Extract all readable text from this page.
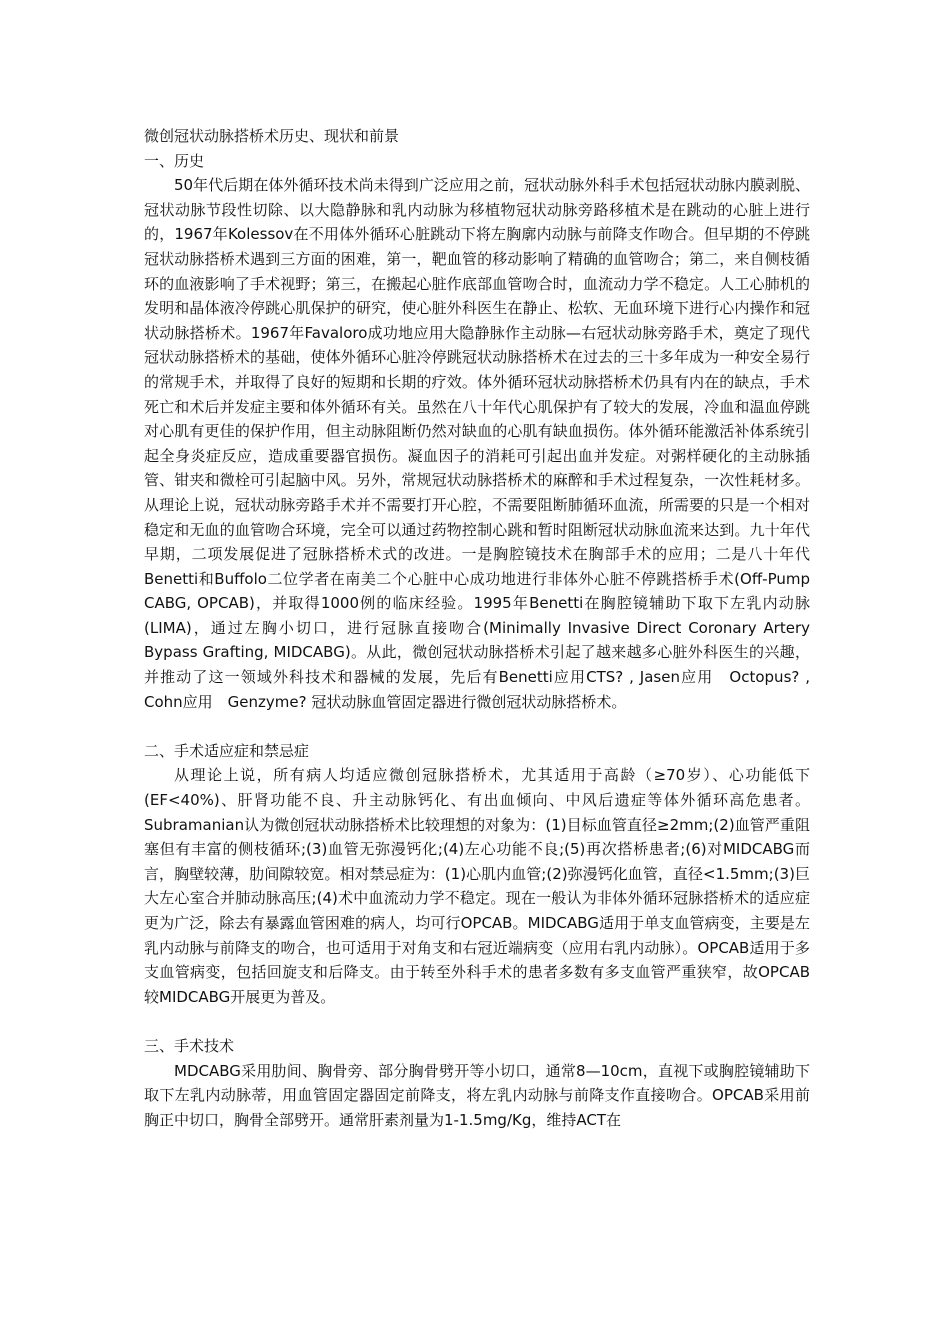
微创冠状动脉搭桥术历史、现状和前景

一、历史

50年代后期在体外循环技术尚未得到广泛应用之前，冠状动脉外科手术包括冠状动脉内膜剥脱、冠状动脉节段性切除、以大隐静脉和乳内动脉为移植物冠状动脉旁路移植术是在跳动的心脏上进行的，1967年Kolessov在不用体外循环心脏跳动下将左胸廓内动脉与前降支作吻合。但早期的不停跳冠状动脉搭桥术遇到三方面的困难，第一，靶血管的移动影响了精确的血管吻合；第二，来自侧枝循环的血液影响了手术视野；第三，在搬起心脏作底部血管吻合时，血流动力学不稳定。人工心肺机的发明和晶体液冷停跳心肌保护的研究，使心脏外科医生在静止、松软、无血环境下进行心内操作和冠状动脉搭桥术。1967年Favaloro成功地应用大隐静脉作主动脉—右冠状动脉旁路手术，奠定了现代冠状动脉搭桥术的基础，使体外循环心脏冷停跳冠状动脉搭桥术在过去的三十多年成为一种安全易行的常规手术，并取得了良好的短期和长期的疗效。体外循环冠状动脉搭桥术仍具有内在的缺点，手术死亡和术后并发症主要和体外循环有关。虽然在八十年代心肌保护有了较大的发展，冷血和温血停跳对心肌有更佳的保护作用，但主动脉阻断仍然对缺血的心肌有缺血损伤。体外循环能激活补体系统引起全身炎症反应，造成重要器官损伤。凝血因子的消耗可引起出血并发症。对粥样硬化的主动脉插管、钳夹和微栓可引起脑中风。另外，常规冠状动脉搭桥术的麻醉和手术过程复杂，一次性耗材多。从理论上说，冠状动脉旁路手术并不需要打开心腔，不需要阻断肺循环血流，所需要的只是一个相对稳定和无血的血管吻合环境，完全可以通过药物控制心跳和暂时阻断冠状动脉血流来达到。九十年代早期，二项发展促进了冠脉搭桥术式的改进。一是胸腔镜技术在胸部手术的应用；二是八十年代Benetti和Buffolo二位学者在南美二个心脏中心成功地进行非体外心脏不停跳搭桥手术(Off-Pump CABG, OPCAB)，并取得1000例的临床经验。1995年Benetti在胸腔镜辅助下取下左乳内动脉(LIMA)，通过左胸小切口，进行冠脉直接吻合(Minimally Invasive Direct Coronary Artery Bypass Grafting, MIDCABG)。从此，微创冠状动脉搭桥术引起了越来越多心脏外科医生的兴趣，并推动了这一领域外科技术和器械的发展，先后有Benetti应用CTS? , Jasen应用　Octopus? , Cohn应用　Genzyme? 冠状动脉血管固定器进行微创冠状动脉搭桥术。

二、手术适应症和禁忌症

从理论上说，所有病人均适应微创冠脉搭桥术，尤其适用于高龄（≥70岁）、心功能低下(EF<40%)、肝肾功能不良、升主动脉钙化、有出血倾向、中风后遗症等体外循环高危患者。Subramanian认为微创冠状动脉搭桥术比较理想的对象为：(1)目标血管直径≥2mm;(2)血管严重阻塞但有丰富的侧枝循环;(3)血管无弥漫钙化;(4)左心功能不良;(5)再次搭桥患者;(6)对MIDCABG而言，胸壁较薄，肋间隙较宽。相对禁忌症为：(1)心肌内血管;(2)弥漫钙化血管，直径<1.5mm;(3)巨大左心室合并肺动脉高压;(4)术中血流动力学不稳定。现在一般认为非体外循环冠脉搭桥术的适应症更为广泛，除去有暴露血管困难的病人，均可行OPCAB。MIDCABG适用于单支血管病变，主要是左乳内动脉与前降支的吻合，也可适用于对角支和右冠近端病变（应用右乳内动脉）。OPCAB适用于多支血管病变，包括回旋支和后降支。由于转至外科手术的患者多数有多支血管严重狭窄，故OPCAB较MIDCABG开展更为普及。

三、手术技术

MDCABG采用肋间、胸骨旁、部分胸骨劈开等小切口，通常8—10cm，直视下或胸腔镜辅助下取下左乳内动脉蒂，用血管固定器固定前降支，将左乳内动脉与前降支作直接吻合。OPCAB采用前胸正中切口，胸骨全部劈开。通常肝素剂量为1-1.5mg/Kg，维持ACT在
